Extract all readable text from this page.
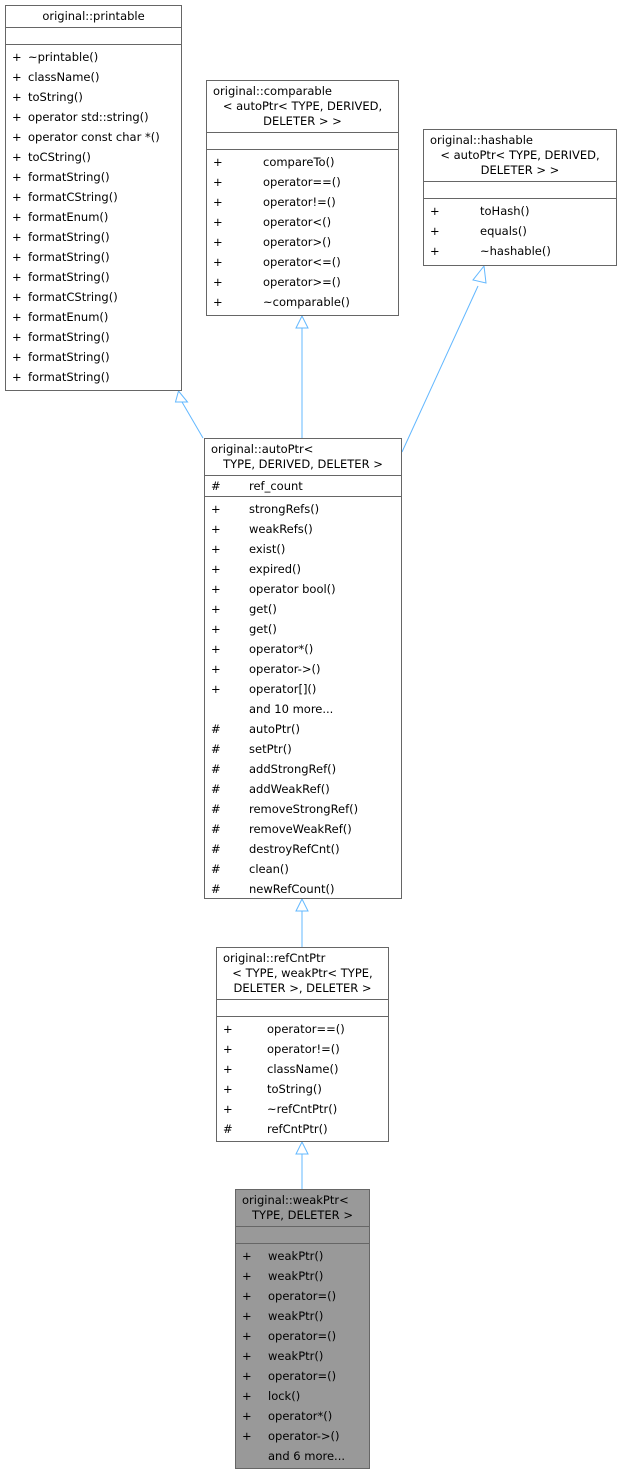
original::printable
+ ~printable()
+ className()
+ toString()
+ operator std::string()
+ operator const char *()
+ toCString()
+ formatString()
+ formatCString()
+ formatEnum()
+ formatString()
+ formatString()
+ formatString()
+ formatCString()
+ formatEnum()
+ formatString()
+ formatString()
+ formatString()
original::comparable
< autoPtr< TYPE, DERIVED,
DELETER > >
+	compareTo()
+	operator==()
+	operator!=()
+	operator<()
+	operator>()
+	operator<=()
+	operator>=()
+	~comparable()
original::hashable
< autoPtr< TYPE, DERIVED,
DELETER > >
+	toHash()
+	equals()
+	~hashable()
original::autoPtr<
TYPE, DERIVED, DELETER >
#	ref_count
+	strongRefs()
+	weakRefs()
+	exist()
+	expired()
+	operator bool()
+	get()
+	get()
+	operator*()
+	operator->()
+	operator[]()
and 10 more...
#	autoPtr()
#	setPtr()
#	addStrongRef()
#	addWeakRef()
#	removeStrongRef()
#	removeWeakRef()
#	destroyRefCnt()
#	clean()
#	newRefCount()
original::refCntPtr
< TYPE, weakPtr< TYPE,
DELETER >, DELETER >
+	operator==()
+	operator!=()
+	className()
+	toString()
+	~refCntPtr()
#	refCntPtr()
original::weakPtr<
TYPE, DELETER >
+	weakPtr()
+	weakPtr()
+	operator=()
+	weakPtr()
+	operator=()
+	weakPtr()
+	operator=()
+	lock()
+	operator*()
+	operator->()
and 6 more...
